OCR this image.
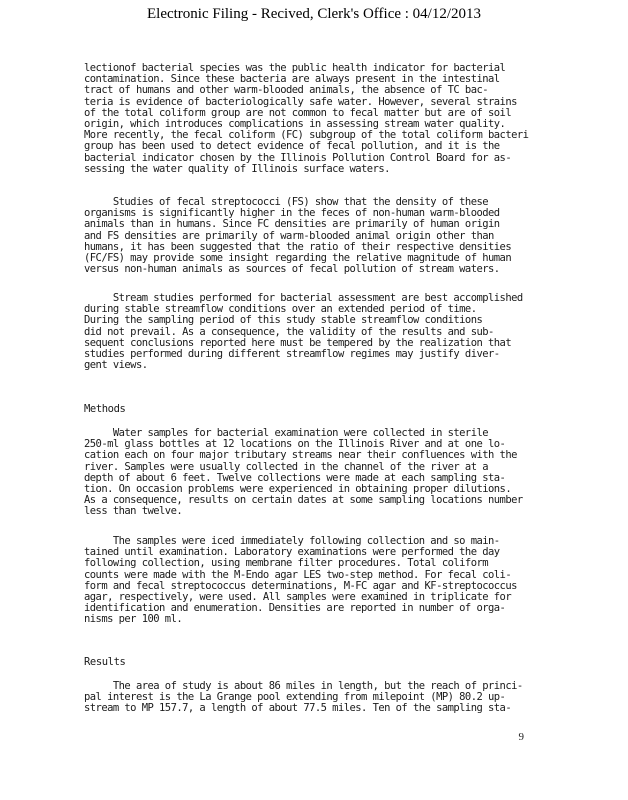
Electronic Filing - Recived, Clerk's Office : 04/12/2013
lectionof bacterial species was the public health indicator for bacterial
contamination. Since these bacteria are always present in the intestinal
tract of humans and other warm-blooded animals, the absence of TC bac-
teria is evidence of bacteriologically safe water. However, several strains
of the total coliform group are not common to fecal matter but are of soil
origin, which introduces complications in assessing stream water quality.
More recently, the fecal coliform (FC) subgroup of the total coliform bacteri
group has been used to detect evidence of fecal pollution, and it is the
bacterial indicator chosen by the Illinois Pollution Control Board for as-
sessing the water quality of Illinois surface waters.
Studies of fecal streptococci (FS) show that the density of these
organisms is significantly higher in the feces of non-human warm-blooded
animals than in humans. Since FC densities are primarily of human origin
and FS densities are primarily of warm-blooded animal origin other than
humans, it has been suggested that the ratio of their respective densities
(FC/FS) may provide some insight regarding the relative magnitude of human
versus non-human animals as sources of fecal pollution of stream waters.
Stream studies performed for bacterial assessment are best accomplished
during stable streamflow conditions over an extended period of time.
During the sampling period of this study stable streamflow conditions
did not prevail. As a consequence, the validity of the results and sub-
sequent conclusions reported here must be tempered by the realization that
studies performed during different streamflow regimes may justify diver-
gent views.
Methods
Water samples for bacterial examination were collected in sterile
250-ml glass bottles at 12 locations on the Illinois River and at one lo-
cation each on four major tributary streams near their confluences with the
river. Samples were usually collected in the channel of the river at a
depth of about 6 feet. Twelve collections were made at each sampling sta-
tion. On occasion problems were experienced in obtaining proper dilutions.
As a consequence, results on certain dates at some sampling locations number
less than twelve.
The samples were iced immediately following collection and so main-
tained until examination. Laboratory examinations were performed the day
following collection, using membrane filter procedures. Total coliform
counts were made with the M-Endo agar LES two-step method. For fecal coli-
form and fecal streptococcus determinations, M-FC agar and KF-streptococcus
agar, respectively, were used. All samples were examined in triplicate for
identification and enumeration. Densities are reported in number of orga-
nisms per 100 ml.
Results
The area of study is about 86 miles in length, but the reach of princi-
pal interest is the La Grange pool extending from milepoint (MP) 80.2 up-
stream to MP 157.7, a length of about 77.5 miles. Ten of the sampling sta-
9
